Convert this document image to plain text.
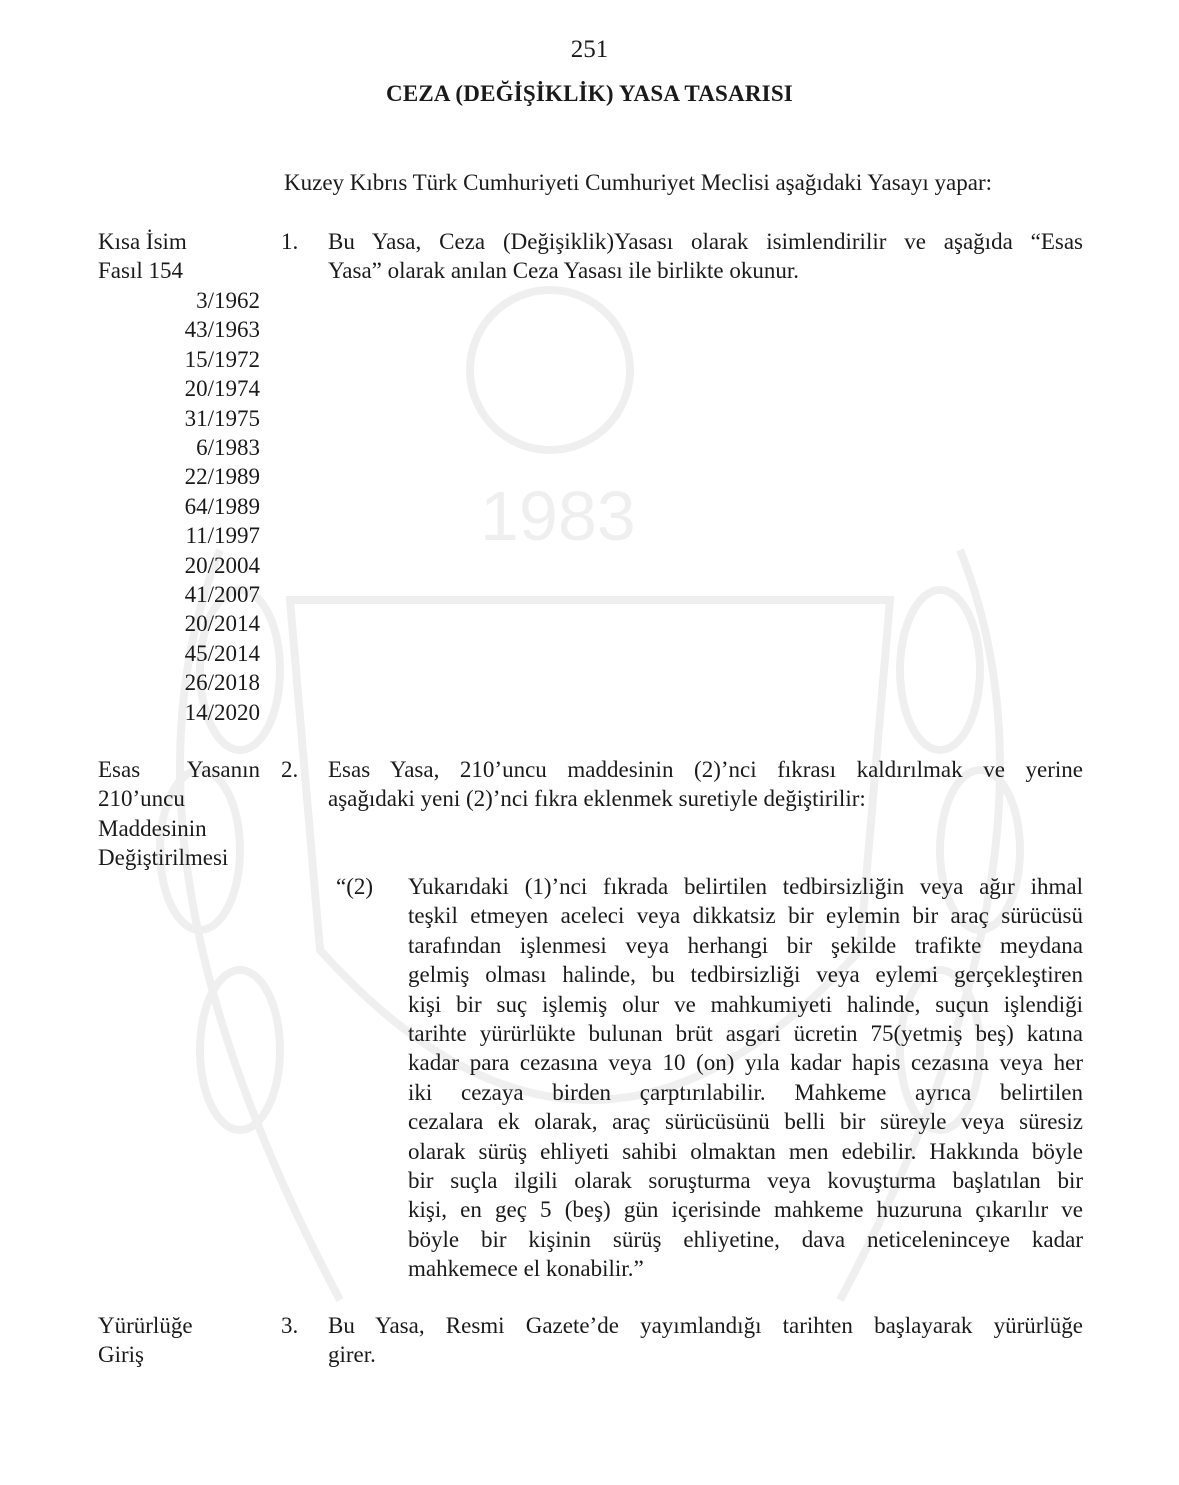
1983
251
CEZA (DEĞİŞİKLİK) YASA TASARISI
Kuzey Kıbrıs Türk Cumhuriyeti Cumhuriyet Meclisi aşağıdaki Yasayı yapar:
Kısa İsim
Fasıl 154
3/1962
43/1963
15/1972
20/1974
31/1975
6/1983
22/1989
64/1989
11/1997
20/2004
41/2007
20/2014
45/2014
26/2018
14/2020
1. Bu Yasa, Ceza (Değişiklik)Yasası olarak isimlendirilir ve aşağıda “Esas
Yasa” olarak anılan Ceza Yasası ile birlikte okunur.
Esas Yasanın
210’uncu
Maddesinin
Değiştirilmesi
2. Esas Yasa, 210’uncu maddesinin (2)’nci fıkrası kaldırılmak ve yerine
aşağıdaki yeni (2)’nci fıkra eklenmek suretiyle değiştirilir:
“(2) Yukarıdaki (1)’nci fıkrada belirtilen tedbirsizliğin veya ağır ihmal
teşkil etmeyen aceleci veya dikkatsiz bir eylemin bir araç sürücüsü
tarafından işlenmesi veya herhangi bir şekilde trafikte meydana
gelmiş olması halinde, bu tedbirsizliği veya eylemi gerçekleştiren
kişi bir suç işlemiş olur ve mahkumiyeti halinde, suçun işlendiği
tarihte yürürlükte bulunan brüt asgari ücretin 75(yetmiş beş) katına
kadar para cezasına veya 10 (on) yıla kadar hapis cezasına veya her
iki cezaya birden çarptırılabilir. Mahkeme ayrıca belirtilen
cezalara ek olarak, araç sürücüsünü belli bir süreyle veya süresiz
olarak sürüş ehliyeti sahibi olmaktan men edebilir. Hakkında böyle
bir suçla ilgili olarak soruşturma veya kovuşturma başlatılan bir
kişi, en geç 5 (beş) gün içerisinde mahkeme huzuruna çıkarılır ve
böyle bir kişinin sürüş ehliyetine, dava neticeleninceye kadar
mahkemece el konabilir.”
Yürürlüğe
Giriş
3. Bu Yasa, Resmi Gazete’de yayımlandığı tarihten başlayarak yürürlüğe
girer.
